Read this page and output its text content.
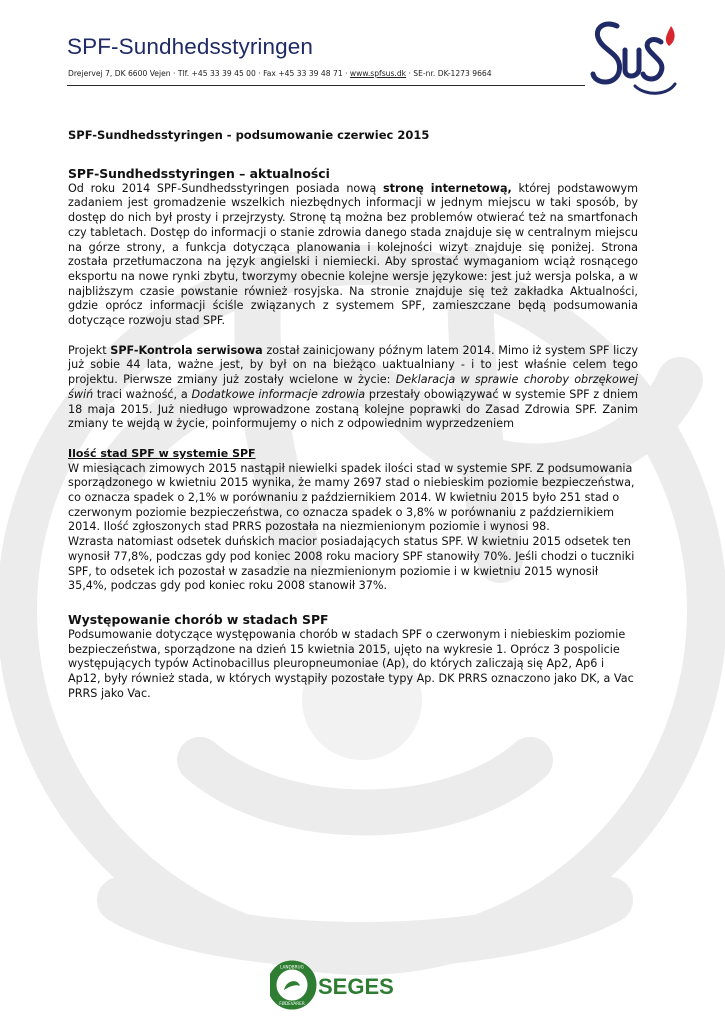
SPF-Sundhedsstyringen
Drejervej 7, DK 6600 Vejen · Tlf. +45 33 39 45 00 · Fax +45 33 39 48 71 · www.spfsus.dk · SE-nr. DK-1273 9664
SPF-Sundhedsstyringen - podsumowanie czerwiec 2015
SPF-Sundhedsstyringen – aktualności

Od roku 2014 SPF-Sundhedsstyringen posiada nową stronę internetową, której podstawowym zadaniem jest gromadzenie wszelkich niezbędnych informacji w jednym miejscu w taki sposób, by dostęp do nich był prosty i przejrzysty. Stronę tą można bez problemów otwierać też na smartfonach czy tabletach. Dostęp do informacji o stanie zdrowia danego stada znajduje się w centralnym miejscu na górze strony, a funkcja dotycząca planowania i kolejności wizyt znajduje się poniżej. Strona została przetłumaczona na język angielski i niemiecki. Aby sprostać wymaganiom wciąż rosnącego eksportu na nowe rynki zbytu, tworzymy obecnie kolejne wersje językowe: jest już wersja polska, a w najbliższym czasie powstanie również rosyjska. Na stronie znajduje się też zakładka Aktualności, gdzie oprócz informacji ściśle związanych z systemem SPF, zamieszczane będą podsumowania dotyczące rozwoju stad SPF.

Projekt SPF-Kontrola serwisowa został zainicjowany późnym latem 2014. Mimo iż system SPF liczy już sobie 44 lata, ważne jest, by był on na bieżąco uaktualniany - i to jest właśnie celem tego projektu. Pierwsze zmiany już zostały wcielone w życie: Deklaracja w sprawie choroby obrzękowej świń traci ważność, a Dodatkowe informacje zdrowia przestały obowiązywać w systemie SPF z dniem 18 maja 2015. Już niedługo wprowadzone zostaną kolejne poprawki do Zasad Zdrowia SPF. Zanim zmiany te wejdą w życie, poinformujemy o nich z odpowiednim wyprzedzeniem

Ilość stad SPF w systemie SPF

W miesiącach zimowych 2015 nastąpił niewielki spadek ilości stad w systemie SPF. Z podsumowania sporządzonego w kwietniu 2015 wynika, że mamy 2697 stad o niebieskim poziomie bezpieczeństwa, co oznacza spadek o 2,1% w porównaniu z październikiem 2014. W kwietniu 2015 było 251 stad o czerwonym poziomie bezpieczeństwa, co oznacza spadek o 3,8% w porównaniu z październikiem 2014. Ilość zgłoszonych stad PRRS pozostała na niezmienionym poziomie i wynosi 98.

Wzrasta natomiast odsetek duńskich macior posiadających status SPF. W kwietniu 2015 odsetek ten wynosił 77,8%, podczas gdy pod koniec 2008 roku maciory SPF stanowiły 70%. Jeśli chodzi o tuczniki SPF, to odsetek ich pozostał w zasadzie na niezmienionym poziomie i w kwietniu 2015 wynosił 35,4%, podczas gdy pod koniec roku 2008 stanowił 37%.

Występowanie chorób w stadach SPF

Podsumowanie dotyczące występowania chorób w stadach SPF o czerwonym i niebieskim poziomie bezpieczeństwa, sporządzone na dzień 15 kwietnia 2015, ujęto na wykresie 1. Oprócz 3 pospolicie występujących typów Actinobacillus pleuropneumoniae (Ap), do których zaliczają się Ap2, Ap6 i Ap12, były również stada, w których wystąpiły pozostałe typy Ap. DK PRRS oznaczono jako DK, a Vac PRRS jako Vac.

LANDBRUG
FØDEVARER
SEGES
